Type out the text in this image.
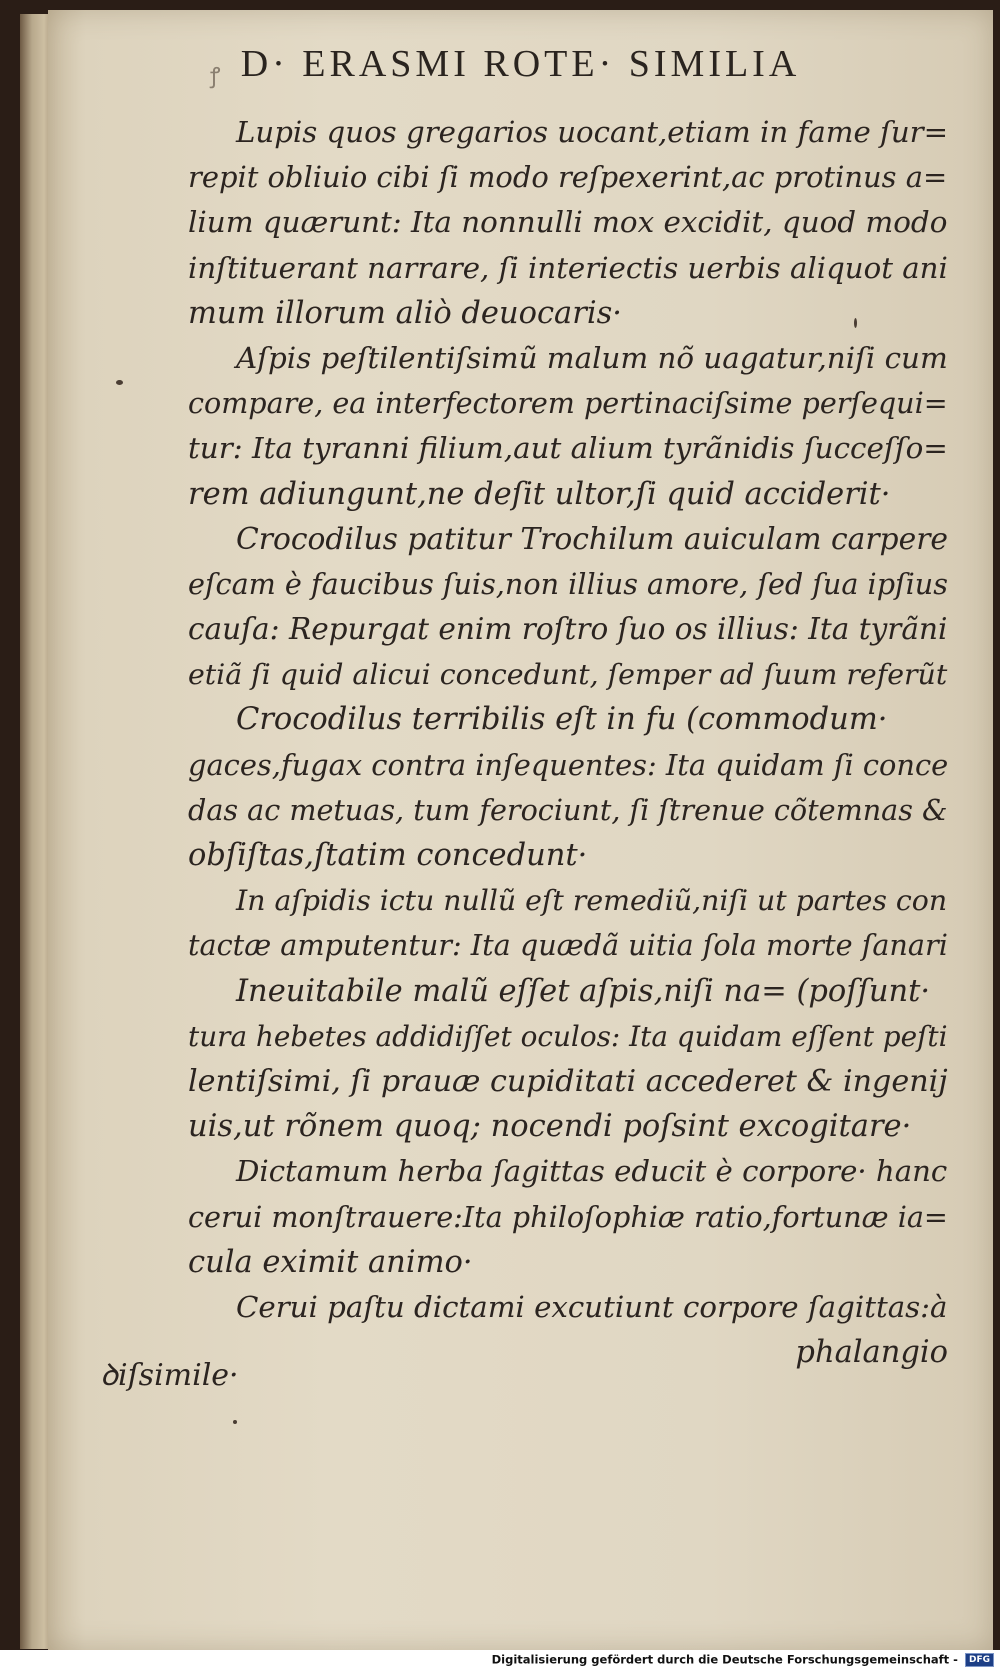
ꝭ D· ERASMI ROTE· SIMILIA
Lupis quos gregarios uocant,etiam in fame ſur=
repit obliuio cibi ſi modo reſpexerint,ac protinus a=
lium quærunt: Ita nonnulli mox excidit, quod modo
inſtituerant narrare, ſi interiectis uerbis aliquot ani
mum illorum aliò deuocaris·
Aſpis peſtilentiſsimũ malum nõ uagatur,niſi cum
compare, ea interfectorem pertinaciſsime perſequi=
tur: Ita tyranni filium,aut alium tyrãnidis ſucceſſo=
rem adiungunt,ne deſit ultor,ſi quid acciderit·
Crocodilus patitur Trochilum auiculam carpere
eſcam è faucibus ſuis,non illius amore, ſed ſua ipſius
cauſa: Repurgat enim roſtro ſuo os illius: Ita tyrãni
etiã ſi quid alicui concedunt, ſemper ad ſuum referũt
Crocodilus terribilis eſt in fu (commodum·
gaces,fugax contra inſequentes: Ita quidam ſi conce
das ac metuas, tum ferociunt, ſi ſtrenue cõtemnas &
obſiſtas,ſtatim concedunt·
In aſpidis ictu nullũ eſt remediũ,niſi ut partes con
tactæ amputentur: Ita quædã uitia ſola morte ſanari
Ineuitabile malũ eſſet aſpis,niſi na= (poſſunt·
tura hebetes addidiſſet oculos: Ita quidam eſſent peſti
lentiſsimi, ſi prauæ cupiditati accederet & ingenij
uis,ut rõnem quoq; nocendi poſsint excogitare·
Dictamum herba ſagittas educit è corpore· hanc
cerui monſtrauere:Ita philoſophiæ ratio,fortunæ ia=
cula eximit animo·
Cerui paſtu dictami excutiunt corpore ſagittas:à
phalangio
ꝺiſsimile·
Digitalisierung gefördert durch die Deutsche Forschungsgemeinschaft - DFG
